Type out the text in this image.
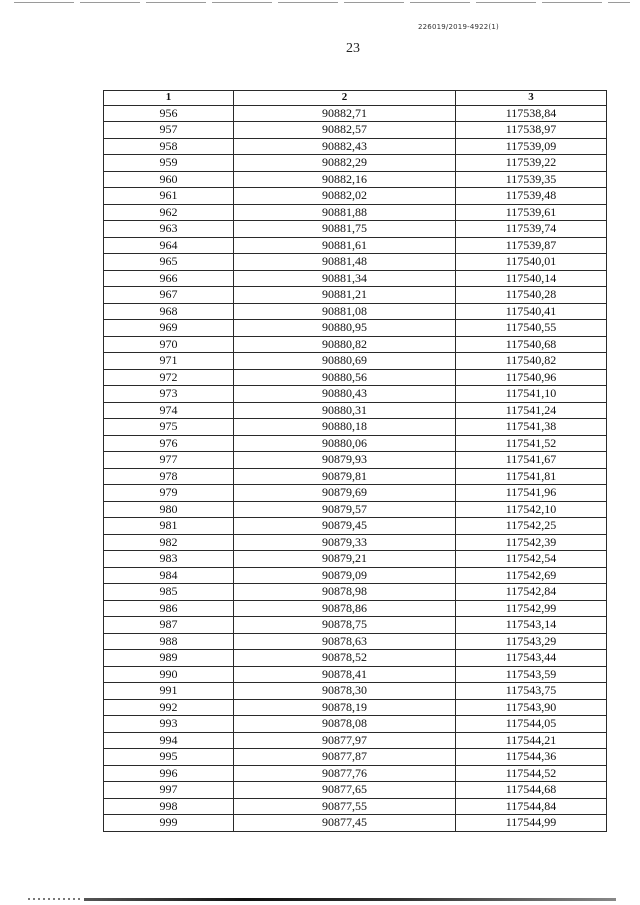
226019/2019-4922(1)
23
1	2	3
956	90882,71	117538,84
957	90882,57	117538,97
958	90882,43	117539,09
959	90882,29	117539,22
960	90882,16	117539,35
961	90882,02	117539,48
962	90881,88	117539,61
963	90881,75	117539,74
964	90881,61	117539,87
965	90881,48	117540,01
966	90881,34	117540,14
967	90881,21	117540,28
968	90881,08	117540,41
969	90880,95	117540,55
970	90880,82	117540,68
971	90880,69	117540,82
972	90880,56	117540,96
973	90880,43	117541,10
974	90880,31	117541,24
975	90880,18	117541,38
976	90880,06	117541,52
977	90879,93	117541,67
978	90879,81	117541,81
979	90879,69	117541,96
980	90879,57	117542,10
981	90879,45	117542,25
982	90879,33	117542,39
983	90879,21	117542,54
984	90879,09	117542,69
985	90878,98	117542,84
986	90878,86	117542,99
987	90878,75	117543,14
988	90878,63	117543,29
989	90878,52	117543,44
990	90878,41	117543,59
991	90878,30	117543,75
992	90878,19	117543,90
993	90878,08	117544,05
994	90877,97	117544,21
995	90877,87	117544,36
996	90877,76	117544,52
997	90877,65	117544,68
998	90877,55	117544,84
999	90877,45	117544,99
